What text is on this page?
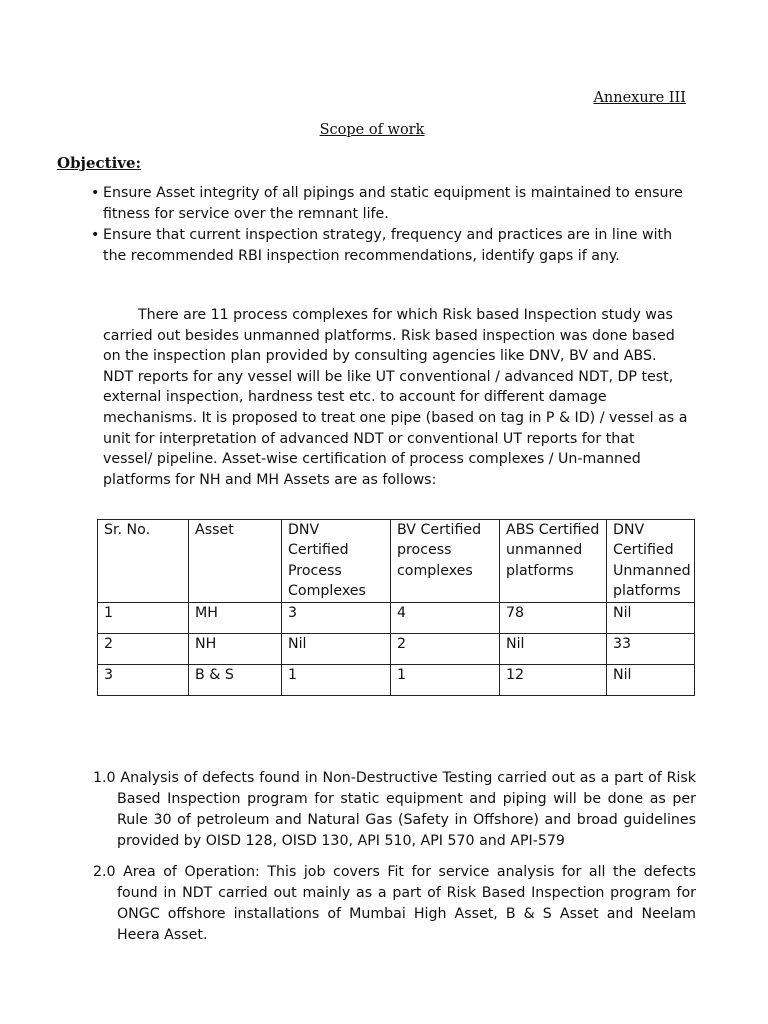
Annexure III
Scope of work
Objective:
• Ensure Asset integrity of all pipings and static equipment is maintained to ensure fitness for service over the remnant life.
• Ensure that current inspection strategy, frequency and practices are in line with the recommended RBI inspection recommendations, identify gaps if any.

There are 11 process complexes for which Risk based Inspection study was carried out besides unmanned platforms. Risk based inspection was done based on the inspection plan provided by consulting agencies like DNV, BV and ABS. NDT reports for any vessel will be like UT conventional / advanced NDT, DP test, external inspection, hardness test etc. to account for different damage mechanisms. It is proposed to treat one pipe (based on tag in P & ID) / vessel as a unit for interpretation of advanced NDT or conventional UT reports for that vessel/ pipeline. Asset-wise certification of process complexes / Un-manned platforms for NH and MH Assets are as follows:

Sr. No.	Asset	DNV Certified Process Complexes	BV Certified process complexes	ABS Certified unmanned platforms	DNV Certified Unmanned platforms
1	MH	3	4	78	Nil
2	NH	Nil	2	Nil	33
3	B & S	1	1	12	Nil
1.0 Analysis of defects found in Non-Destructive Testing carried out as a part of Risk Based Inspection program for static equipment and piping will be done as per Rule 30 of petroleum and Natural Gas (Safety in Offshore) and broad guidelines provided by OISD 128, OISD 130, API 510, API 570 and API-579
2.0 Area of Operation: This job covers Fit for service analysis for all the defects found in NDT carried out mainly as a part of Risk Based Inspection program for ONGC offshore installations of Mumbai High Asset, B & S Asset and Neelam Heera Asset.
